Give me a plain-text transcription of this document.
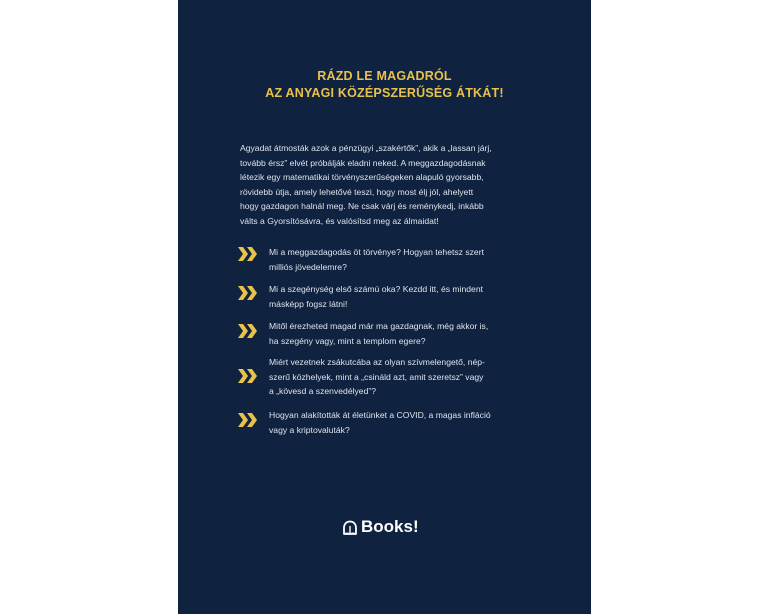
RÁZD LE MAGADRÓL
AZ ANYAGI KÖZÉPSZERŰSÉG ÁTKÁT!
Agyadat átmosták azok a pénzügyi „szakértők”, akik a „lassan járj,
tovább érsz” elvét próbálják eladni neked. A meggazdagodásnak
létezik egy matematikai törvényszerűségeken alapuló gyorsabb,
rövidebb útja, amely lehetővé teszi, hogy most élj jól, ahelyett
hogy gazdagon halnál meg. Ne csak várj és reménykedj, inkább
válts a Gyorsítósávra, és valósítsd meg az álmaidat!
Mi a meggazdagodás öt törvénye? Hogyan tehetsz szert
milliós jövedelemre?
Mi a szegénység első számú oka? Kezdd itt, és mindent
másképp fogsz látni!
Mitől érezheted magad már ma gazdagnak, még akkor is,
ha szegény vagy, mint a templom egere?
Miért vezetnek zsákutcába az olyan szívmelengető, nép-
szerű közhelyek, mint a „csináld azt, amit szeretsz” vagy
a „kövesd a szenvedélyed”?
Hogyan alakították át életünket a COVID, a magas infláció
vagy a kriptovaluták?
Books!
